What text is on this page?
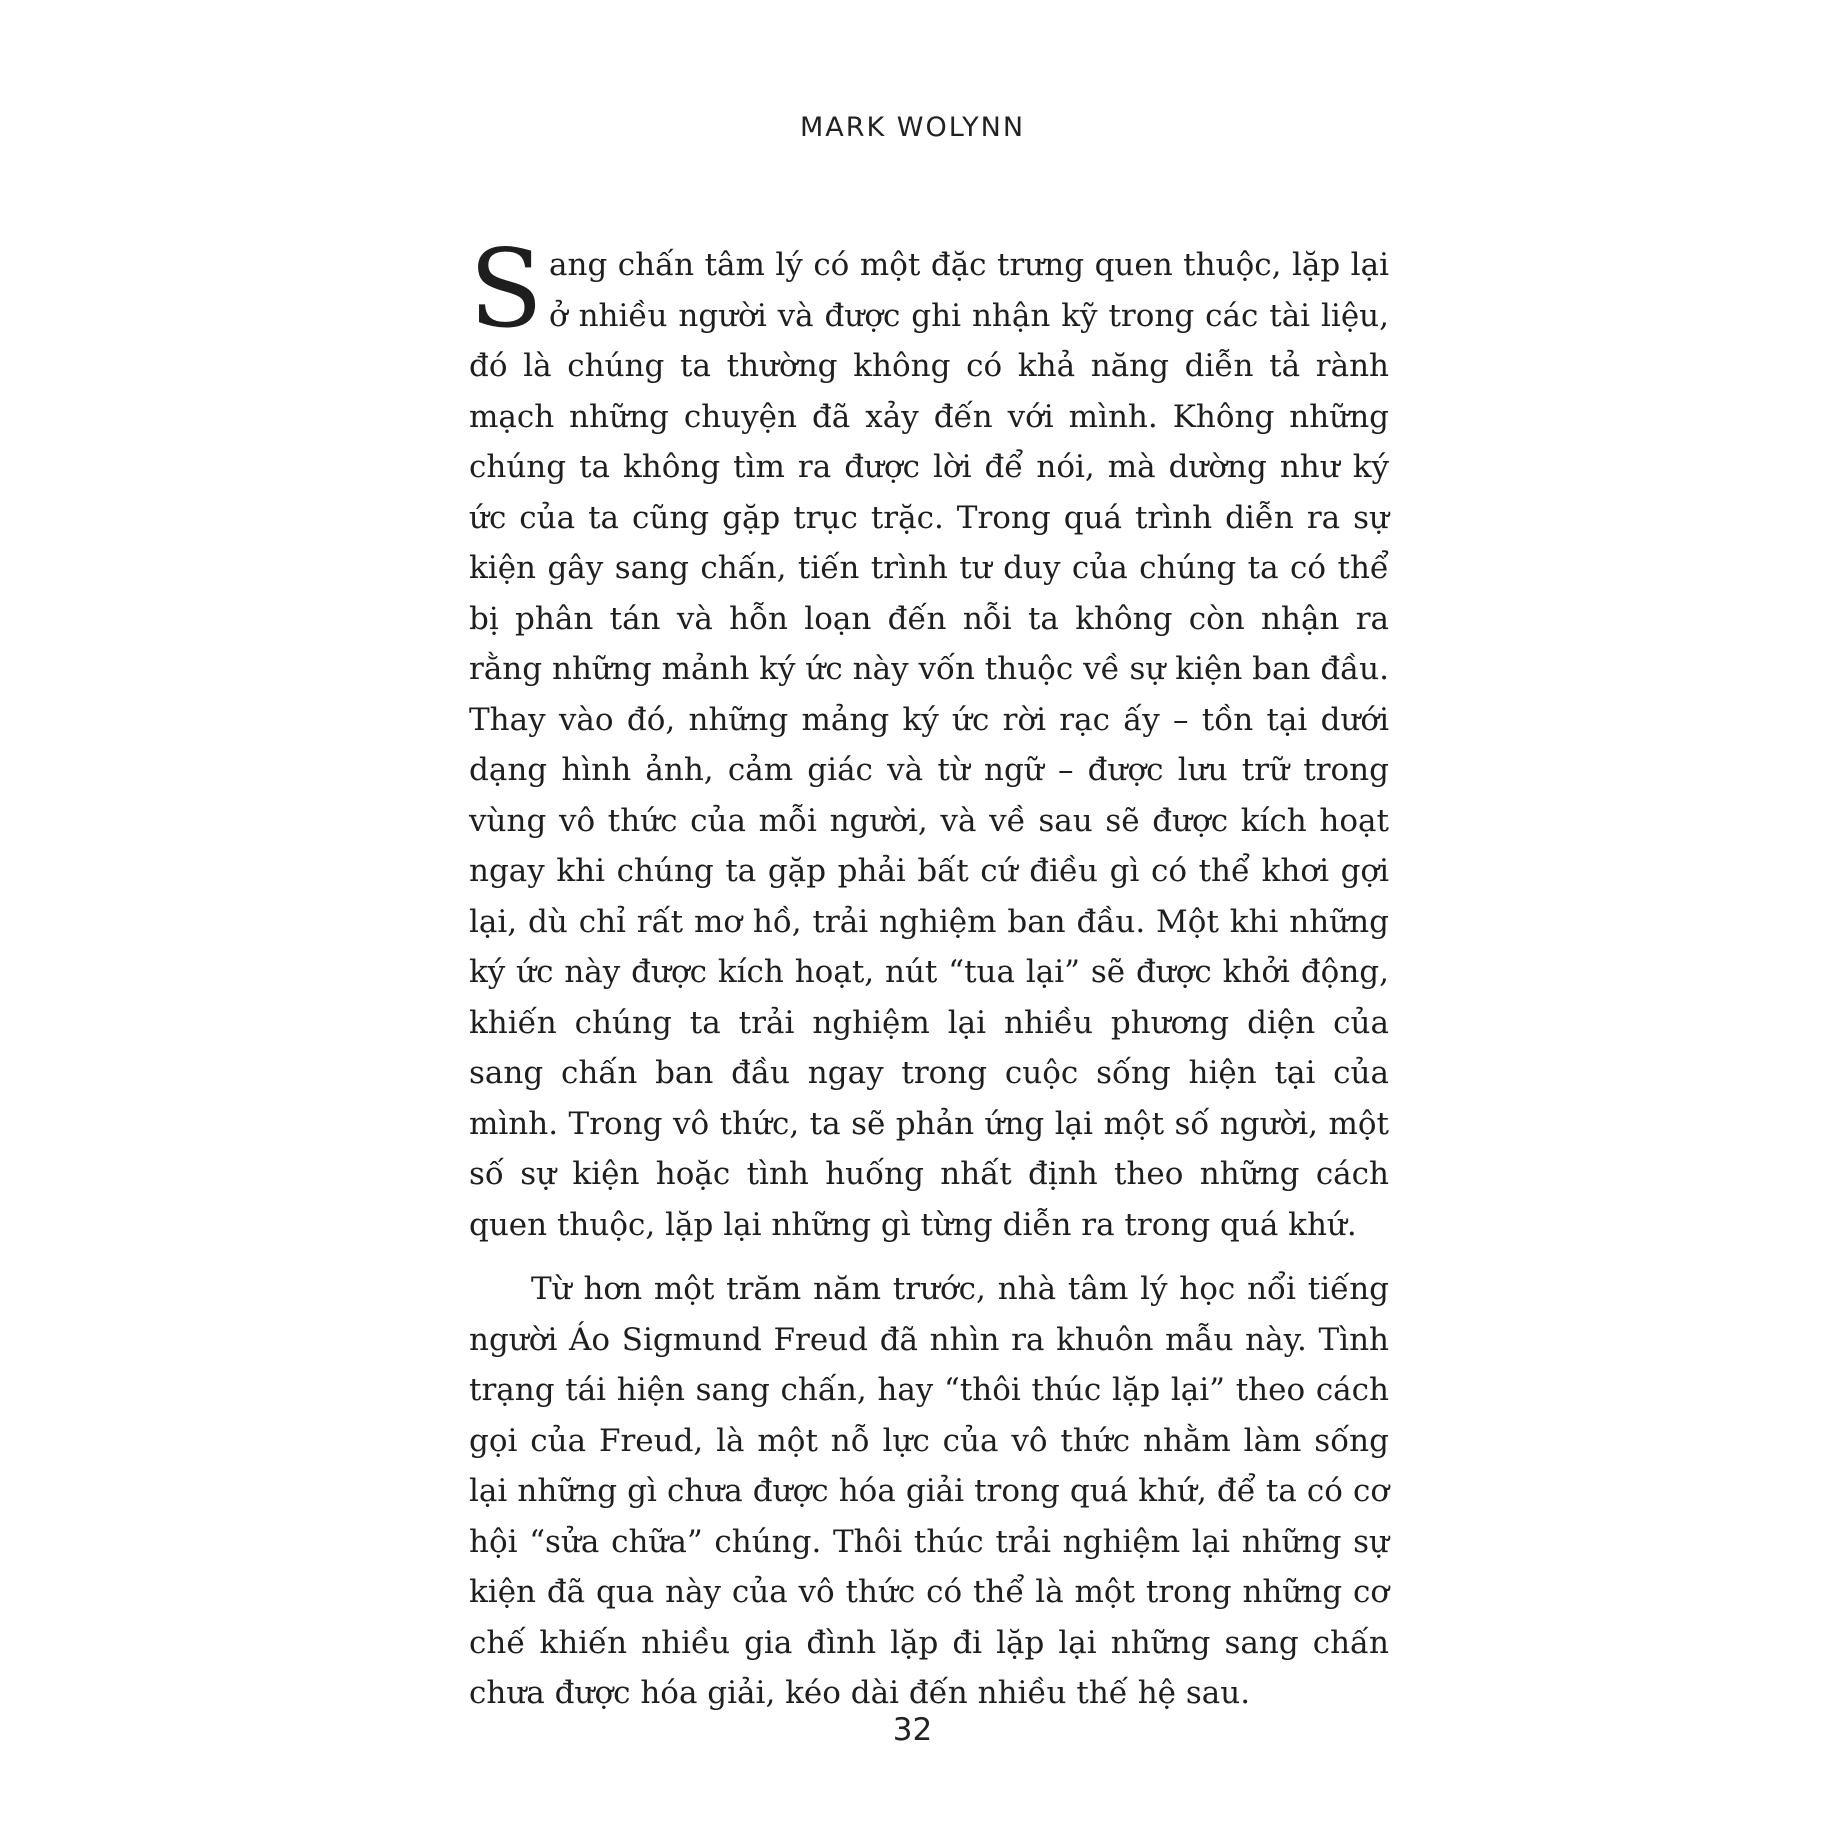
MARK WOLYNN

Sang chấn tâm lý có một đặc trưng quen thuộc, lặp lại ở nhiều người và được ghi nhận kỹ trong các tài liệu, đó là chúng ta thường không có khả năng diễn tả rành mạch những chuyện đã xảy đến với mình. Không những chúng ta không tìm ra được lời để nói, mà dường như ký ức của ta cũng gặp trục trặc. Trong quá trình diễn ra sự kiện gây sang chấn, tiến trình tư duy của chúng ta có thể bị phân tán và hỗn loạn đến nỗi ta không còn nhận ra rằng những mảnh ký ức này vốn thuộc về sự kiện ban đầu. Thay vào đó, những mảng ký ức rời rạc ấy – tồn tại dưới dạng hình ảnh, cảm giác và từ ngữ – được lưu trữ trong vùng vô thức của mỗi người, và về sau sẽ được kích hoạt ngay khi chúng ta gặp phải bất cứ điều gì có thể khơi gợi lại, dù chỉ rất mơ hồ, trải nghiệm ban đầu. Một khi những ký ức này được kích hoạt, nút “tua lại” sẽ được khởi động, khiến chúng ta trải nghiệm lại nhiều phương diện của sang chấn ban đầu ngay trong cuộc sống hiện tại của mình. Trong vô thức, ta sẽ phản ứng lại một số người, một số sự kiện hoặc tình huống nhất định theo những cách quen thuộc, lặp lại những gì từng diễn ra trong quá khứ.

Từ hơn một trăm năm trước, nhà tâm lý học nổi tiếng người Áo Sigmund Freud đã nhìn ra khuôn mẫu này. Tình trạng tái hiện sang chấn, hay “thôi thúc lặp lại” theo cách gọi của Freud, là một nỗ lực của vô thức nhằm làm sống lại những gì chưa được hóa giải trong quá khứ, để ta có cơ hội “sửa chữa” chúng. Thôi thúc trải nghiệm lại những sự kiện đã qua này của vô thức có thể là một trong những cơ chế khiến nhiều gia đình lặp đi lặp lại những sang chấn chưa được hóa giải, kéo dài đến nhiều thế hệ sau.

32
